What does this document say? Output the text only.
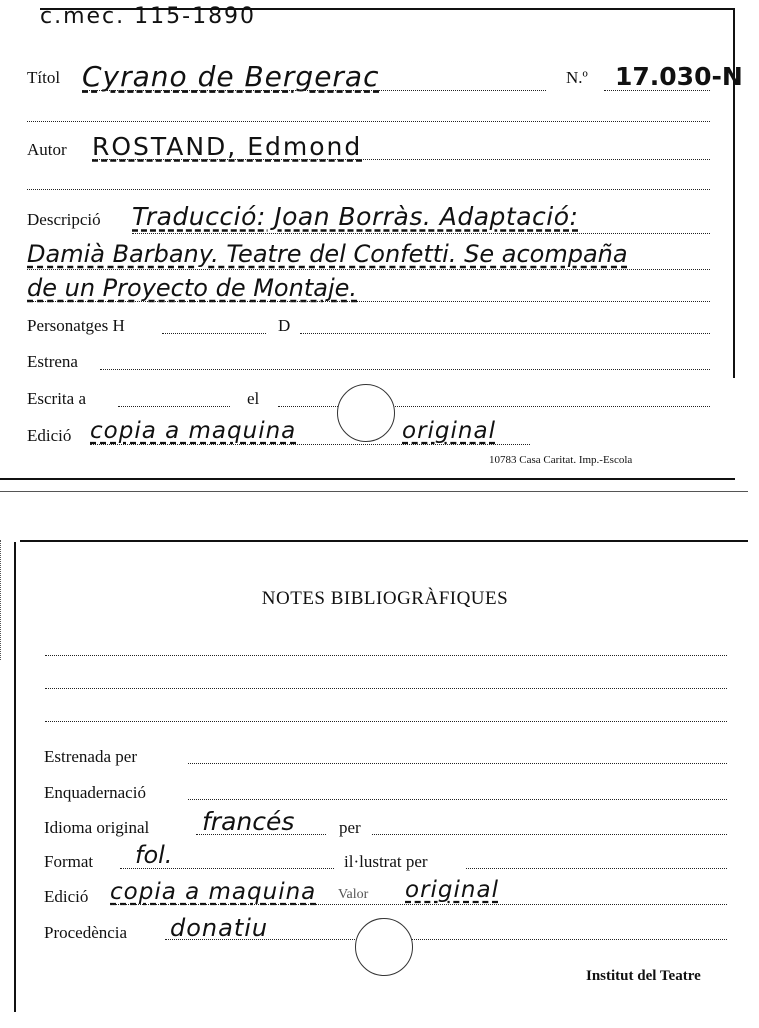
c.mec. 115-1890
Títol Cyrano de Bergerac	N.º 17.030-N
Autor ROSTAND, Edmond
Descripció Traducció: Joan Borràs. Adaptació:
Damià Barbany. Teatre del Confetti. Se acompaña
de un Proyecto de Montaje.
Personatges H	D
Estrena
Escrita a	el
Edició copia a maquina	original
10783 Casa Caritat. Imp.-Escola
NOTES BIBLIOGRÀFIQUES
Estrenada per
Enquadernació
Idioma original francés	per
Format fol.	il·lustrat per
Edició copia a maquina Valor original
Procedència donatiu
Institut del Teatre
